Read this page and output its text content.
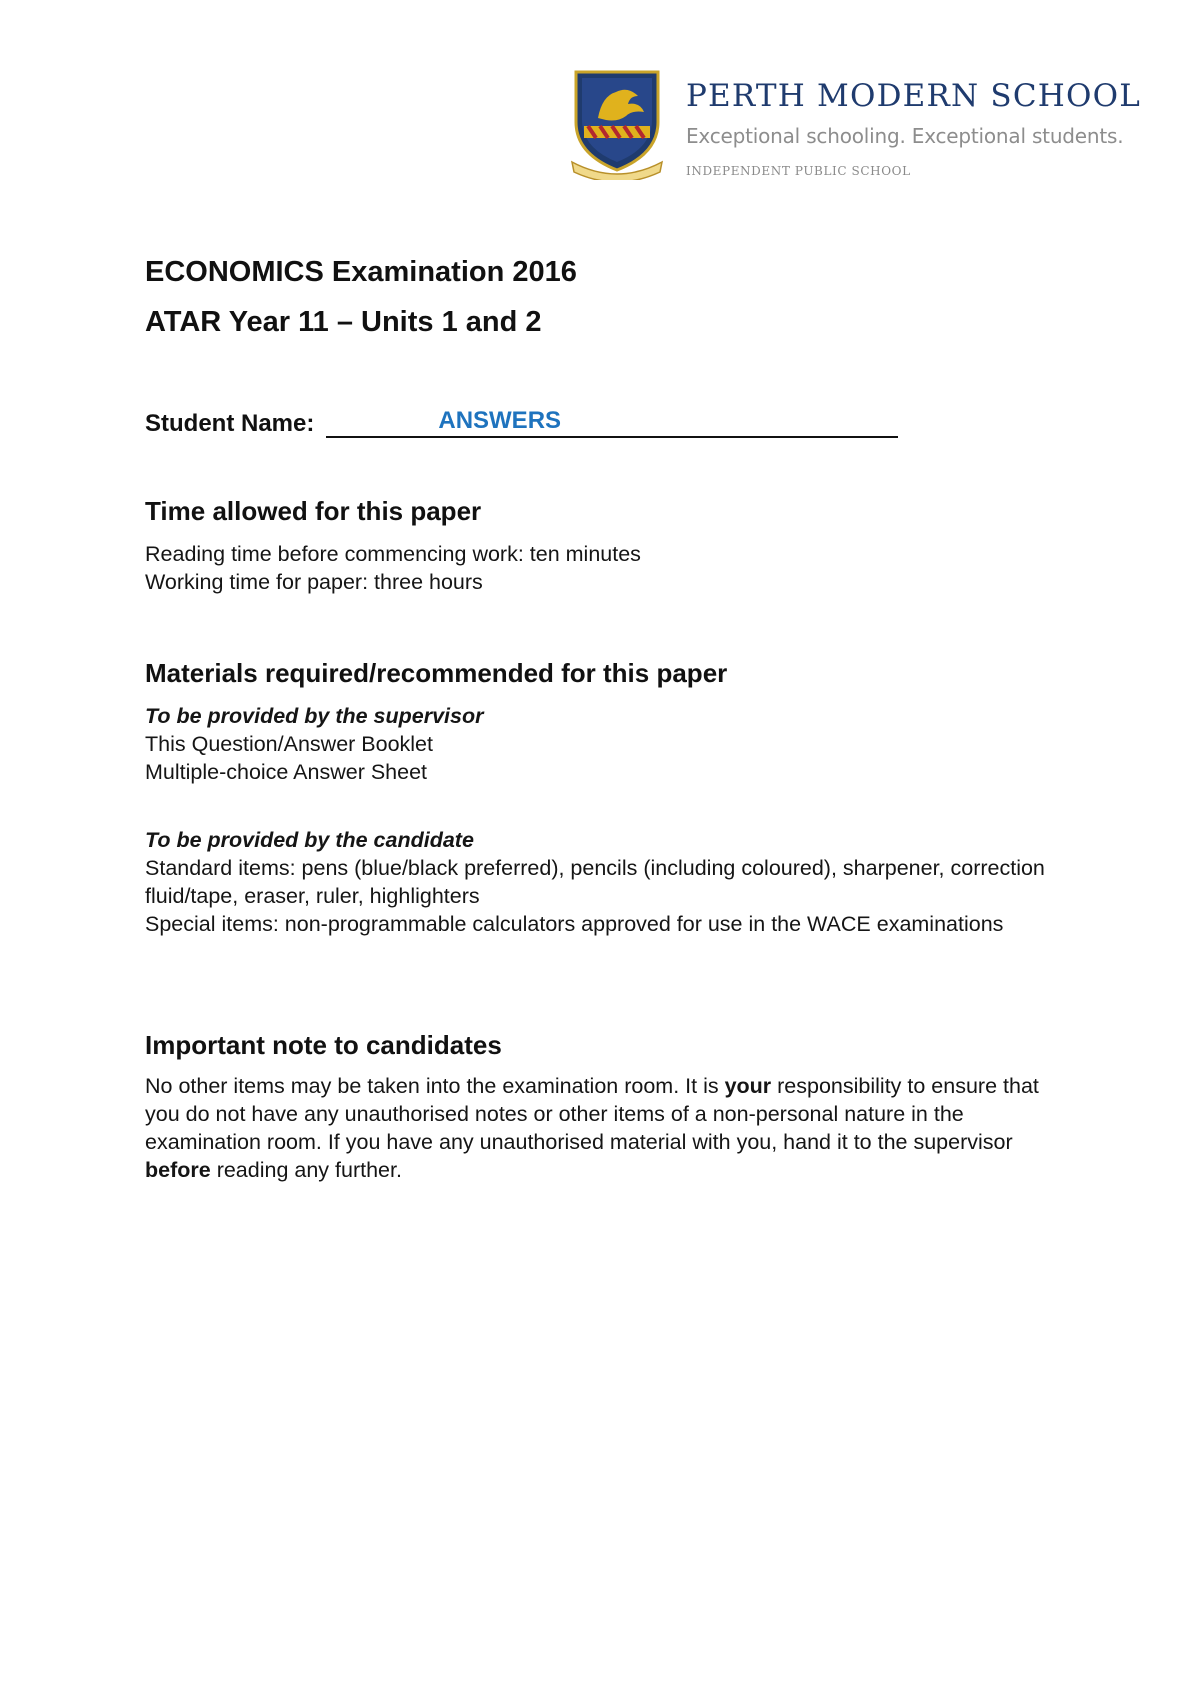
PERTH MODERN SCHOOL
Exceptional schooling. Exceptional students.
INDEPENDENT PUBLIC SCHOOL
ECONOMICS Examination 2016
ATAR Year 11 – Units 1 and 2
Student Name:	ANSWERS
Time allowed for this paper
Reading time before commencing work: ten minutes
Working time for paper: three hours
Materials required/recommended for this paper
To be provided by the supervisor
This Question/Answer Booklet
Multiple-choice Answer Sheet
To be provided by the candidate
Standard items: pens (blue/black preferred), pencils (including coloured), sharpener, correction fluid/tape, eraser, ruler, highlighters
Special items: non-programmable calculators approved for use in the WACE examinations
Important note to candidates
No other items may be taken into the examination room. It is your responsibility to ensure that you do not have any unauthorised notes or other items of a non-personal nature in the examination room. If you have any unauthorised material with you, hand it to the supervisor before reading any further.
